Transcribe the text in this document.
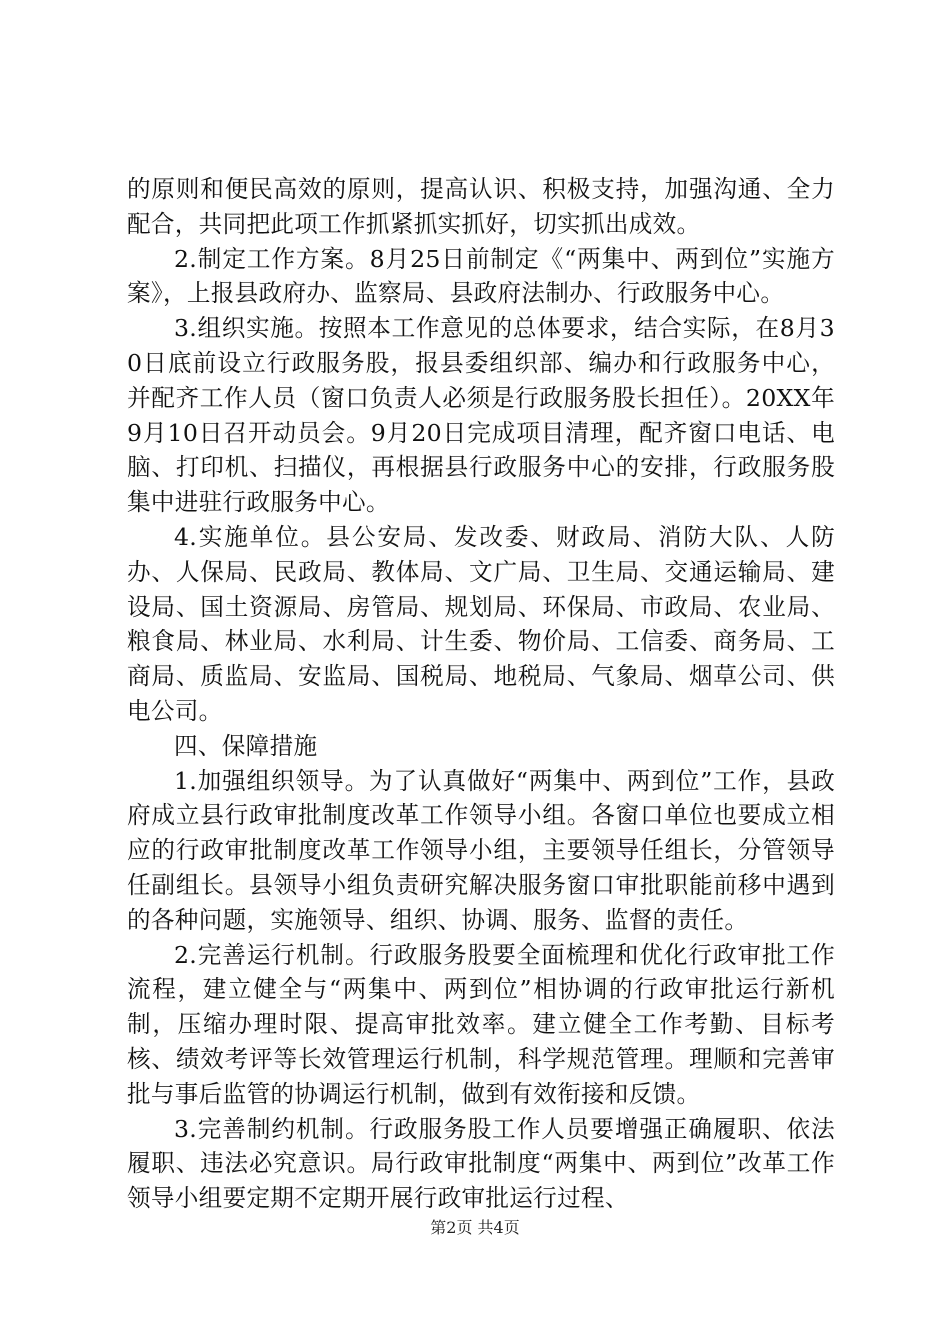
的原则和便民高效的原则，提高认识、积极支持，加强沟通、全力配合，共同把此项工作抓紧抓实抓好，切实抓出成效。

2.制定工作方案。8月25日前制定《“两集中、两到位”实施方案》，上报县政府办、监察局、县政府法制办、行政服务中心。

3.组织实施。按照本工作意见的总体要求，结合实际，在8月30日底前设立行政服务股，报县委组织部、编办和行政服务中心，并配齐工作人员（窗口负责人必须是行政服务股长担任）。20XX年9月10日召开动员会。9月20日完成项目清理，配齐窗口电话、电脑、打印机、扫描仪，再根据县行政服务中心的安排，行政服务股集中进驻行政服务中心。

4.实施单位。县公安局、发改委、财政局、消防大队、人防办、人保局、民政局、教体局、文广局、卫生局、交通运输局、建设局、国土资源局、房管局、规划局、环保局、市政局、农业局、粮食局、林业局、水利局、计生委、物价局、工信委、商务局、工商局、质监局、安监局、国税局、地税局、气象局、烟草公司、供电公司。

四、保障措施

1.加强组织领导。为了认真做好“两集中、两到位”工作，县政府成立县行政审批制度改革工作领导小组。各窗口单位也要成立相应的行政审批制度改革工作领导小组，主要领导任组长，分管领导任副组长。县领导小组负责研究解决服务窗口审批职能前移中遇到的各种问题，实施领导、组织、协调、服务、监督的责任。

2.完善运行机制。行政服务股要全面梳理和优化行政审批工作流程，建立健全与“两集中、两到位”相协调的行政审批运行新机制，压缩办理时限、提高审批效率。建立健全工作考勤、目标考核、绩效考评等长效管理运行机制，科学规范管理。理顺和完善审批与事后监管的协调运行机制，做到有效衔接和反馈。

3.完善制约机制。行政服务股工作人员要增强正确履职、依法履职、违法必究意识。局行政审批制度“两集中、两到位”改革工作领导小组要定期不定期开展行政审批运行过程、

第2页 共4页
